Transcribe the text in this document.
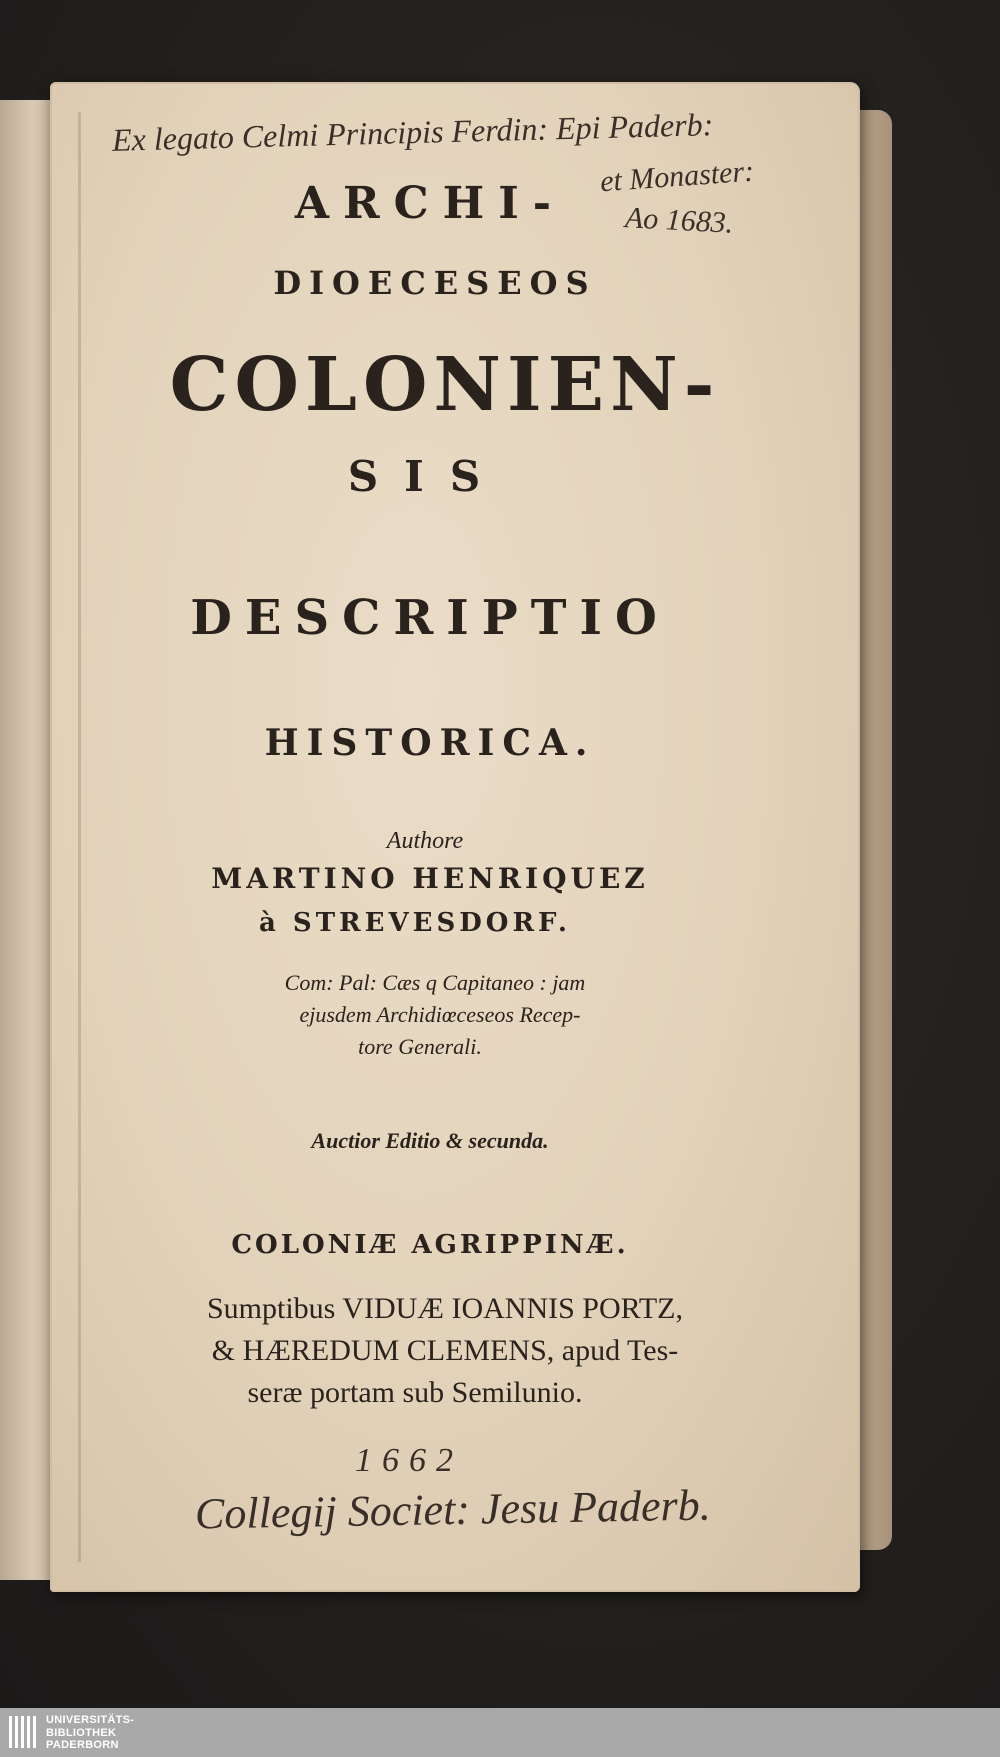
Ex legato Celmi Principis Ferdin: Epi Paderb:
et Monaster:
Ao 1683.
ARCHI-
DIOECESEOS
COLONIEN-
SIS
DESCRIPTIO
HISTORICA.
Authore
MARTINO HENRIQUEZ
à STREVESDORF.
Com: Pal: Cæs q Capitaneo : jam
ejusdem Archidiœceseos Recep-
tore Generali.
Auctior Editio & secunda.
COLONIÆ AGRIPPINÆ.
Sumptibus VIDUÆ IOANNIS PORTZ,
& HÆREDUM CLEMENS, apud Tes-
seræ portam sub Semilunio.
1662
Collegij Societ: Jesu Paderb.
UNIVERSITÄTS-
BIBLIOTHEK
PADERBORN
